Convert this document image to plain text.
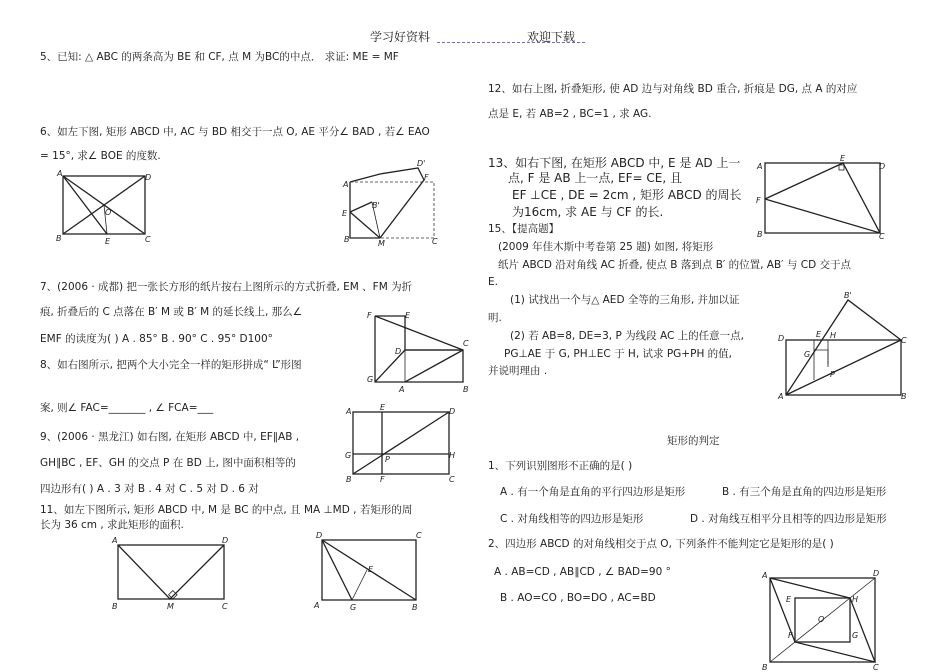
学习好资料	欢迎下载
5、已知: △ ABC 的两条高为 BE 和 CF, 点 M 为BC的中点． 求证: ME = MF
6、如左下图, 矩形 ABCD 中, AC 与 BD 相交于一点 O, AE 平分∠ BAD , 若∠ EAO
= 15°, 求∠ BOE 的度数.
7、(2006 · 成都) 把一张长方形的纸片按右上图所示的方式折叠, EM 、FM 为折
痕, 折叠后的 C 点落在 B′ M 或 B′ M 的延长线上, 那么∠
EMF 的读度为( ) A . 85° B . 90° C . 95° D100°
8、如右图所示, 把两个大小完全一样的矩形拼成“ L”形图
案, 则∠ FAC=_______ , ∠ FCA=___
9、(2006 · 黑龙江) 如右图, 在矩形 ABCD 中, EF∥AB ,
GH∥BC , EF、GH 的交点 P 在 BD 上, 图中面积相等的
四边形有( ) A . 3 对 B . 4 对 C . 5 对 D . 6 对
11、如左下图所示, 矩形 ABCD 中, M 是 BC 的中点, 且 MA ⊥MD , 若矩形的周
长为 36 cm , 求此矩形的面积.
12、如右上图, 折叠矩形, 使 AD 边与对角线 BD 重合, 折痕是 DG, 点 A 的对应
点是 E, 若 AB=2 , BC=1 , 求 AG.
13、如右下图, 在矩形 ABCD 中, E 是 AD 上一
点, F 是 AB 上一点, EF= CE, 且
EF ⊥CE , DE = 2cm , 矩形 ABCD 的周长
为16cm, 求 AE 与 CF 的长.
15、【提高题】
(2009 年佳木斯中考卷第 25 题) 如图, 将矩形
纸片 ABCD 沿对角线 AC 折叠, 使点 B 落到点 B′ 的位置, AB′ 与 CD 交于点
E.
(1) 试找出一个与△ AED 全等的三角形, 并加以证
明.
(2) 若 AB=8, DE=3, P 为线段 AC 上的任意一点,
PG⊥AE 于 G, PH⊥EC 于 H, 试求 PG+PH 的值,
并说明理由 .
矩形的判定
1、下列识别图形不正确的是( )
A . 有一个角是直角的平行四边形是矩形	B . 有三个角是直角的四边形是矩形
C . 对角线相等的四边形是矩形	D . 对角线互相平分且相等的四边形是矩形
2、四边形 ABCD 的对角线相交于点 O, 下列条件不能判定它是矩形的是( )
A . AB=CD , AB∥CD , ∠ BAD=90 °
B . AO=CO , BO=DO , AC=BD
A	D
B	C
E
O
A
E
B	M	C
D'
F
B'
F	E
G
A
D
C
B
A	E	D
G	P	H
B	F	C
A	D
B	M	C
D	C
A	G
E
B
A
E
D
F
B	C
B'
D	E H
C
G
P
A	B
A	D
E	H
O
F	G
B	C
